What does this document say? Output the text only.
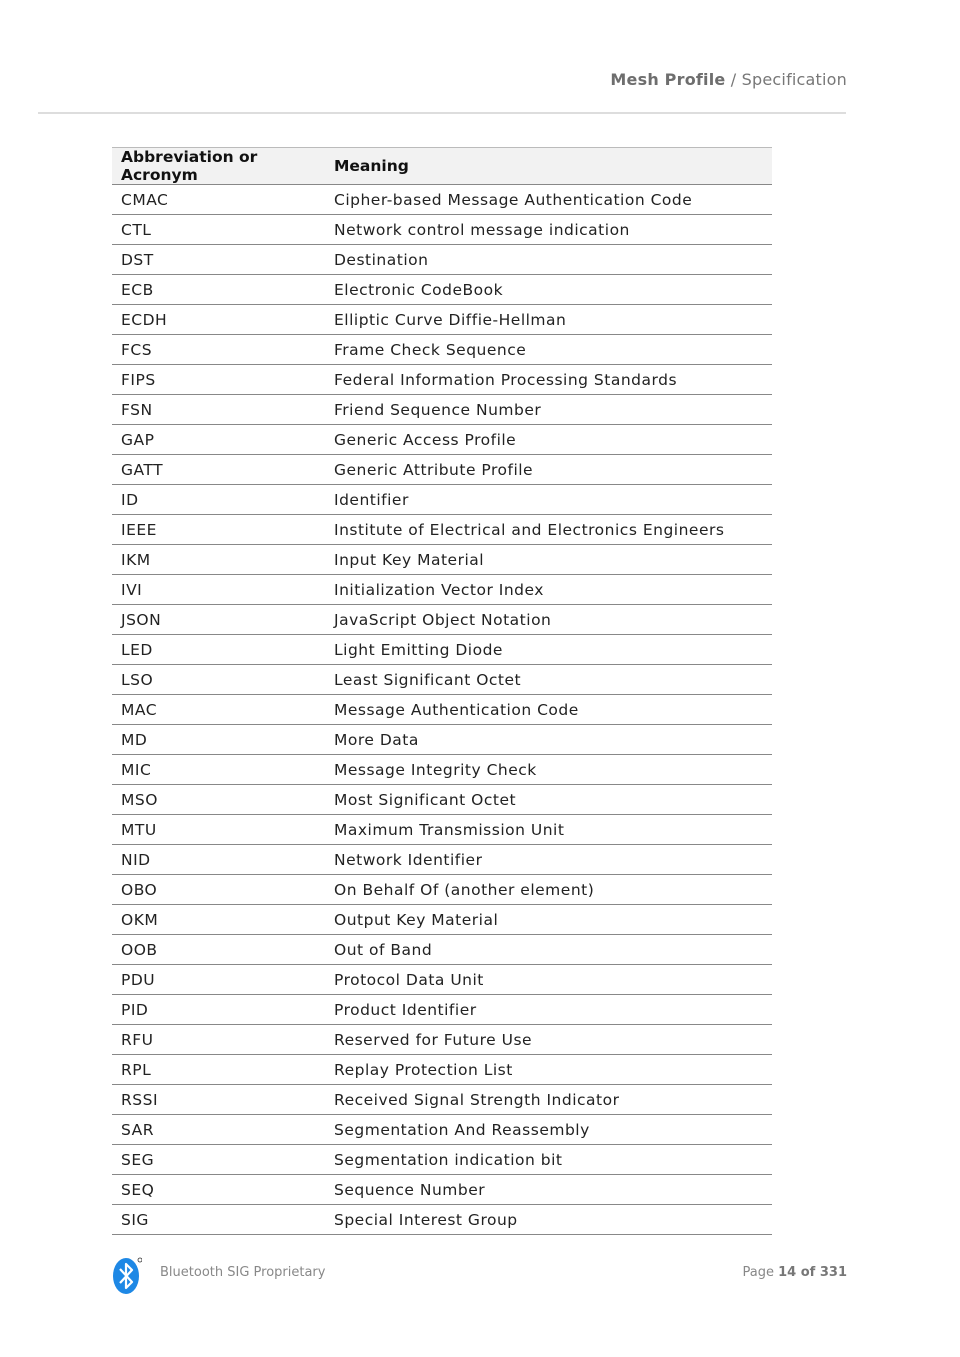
Mesh Profile / Specification
Abbreviation or Acronym	Meaning
CMAC	Cipher-based Message Authentication Code
CTL	Network control message indication
DST	Destination
ECB	Electronic CodeBook
ECDH	Elliptic Curve Diffie-Hellman
FCS	Frame Check Sequence
FIPS	Federal Information Processing Standards
FSN	Friend Sequence Number
GAP	Generic Access Profile
GATT	Generic Attribute Profile
ID	Identifier
IEEE	Institute of Electrical and Electronics Engineers
IKM	Input Key Material
IVI	Initialization Vector Index
JSON	JavaScript Object Notation
LED	Light Emitting Diode
LSO	Least Significant Octet
MAC	Message Authentication Code
MD	More Data
MIC	Message Integrity Check
MSO	Most Significant Octet
MTU	Maximum Transmission Unit
NID	Network Identifier
OBO	On Behalf Of (another element)
OKM	Output Key Material
OOB	Out of Band
PDU	Protocol Data Unit
PID	Product Identifier
RFU	Reserved for Future Use
RPL	Replay Protection List
RSSI	Received Signal Strength Indicator
SAR	Segmentation And Reassembly
SEG	Segmentation indication bit
SEQ	Sequence Number
SIG	Special Interest Group
Bluetooth SIG Proprietary	Page 14 of 331
